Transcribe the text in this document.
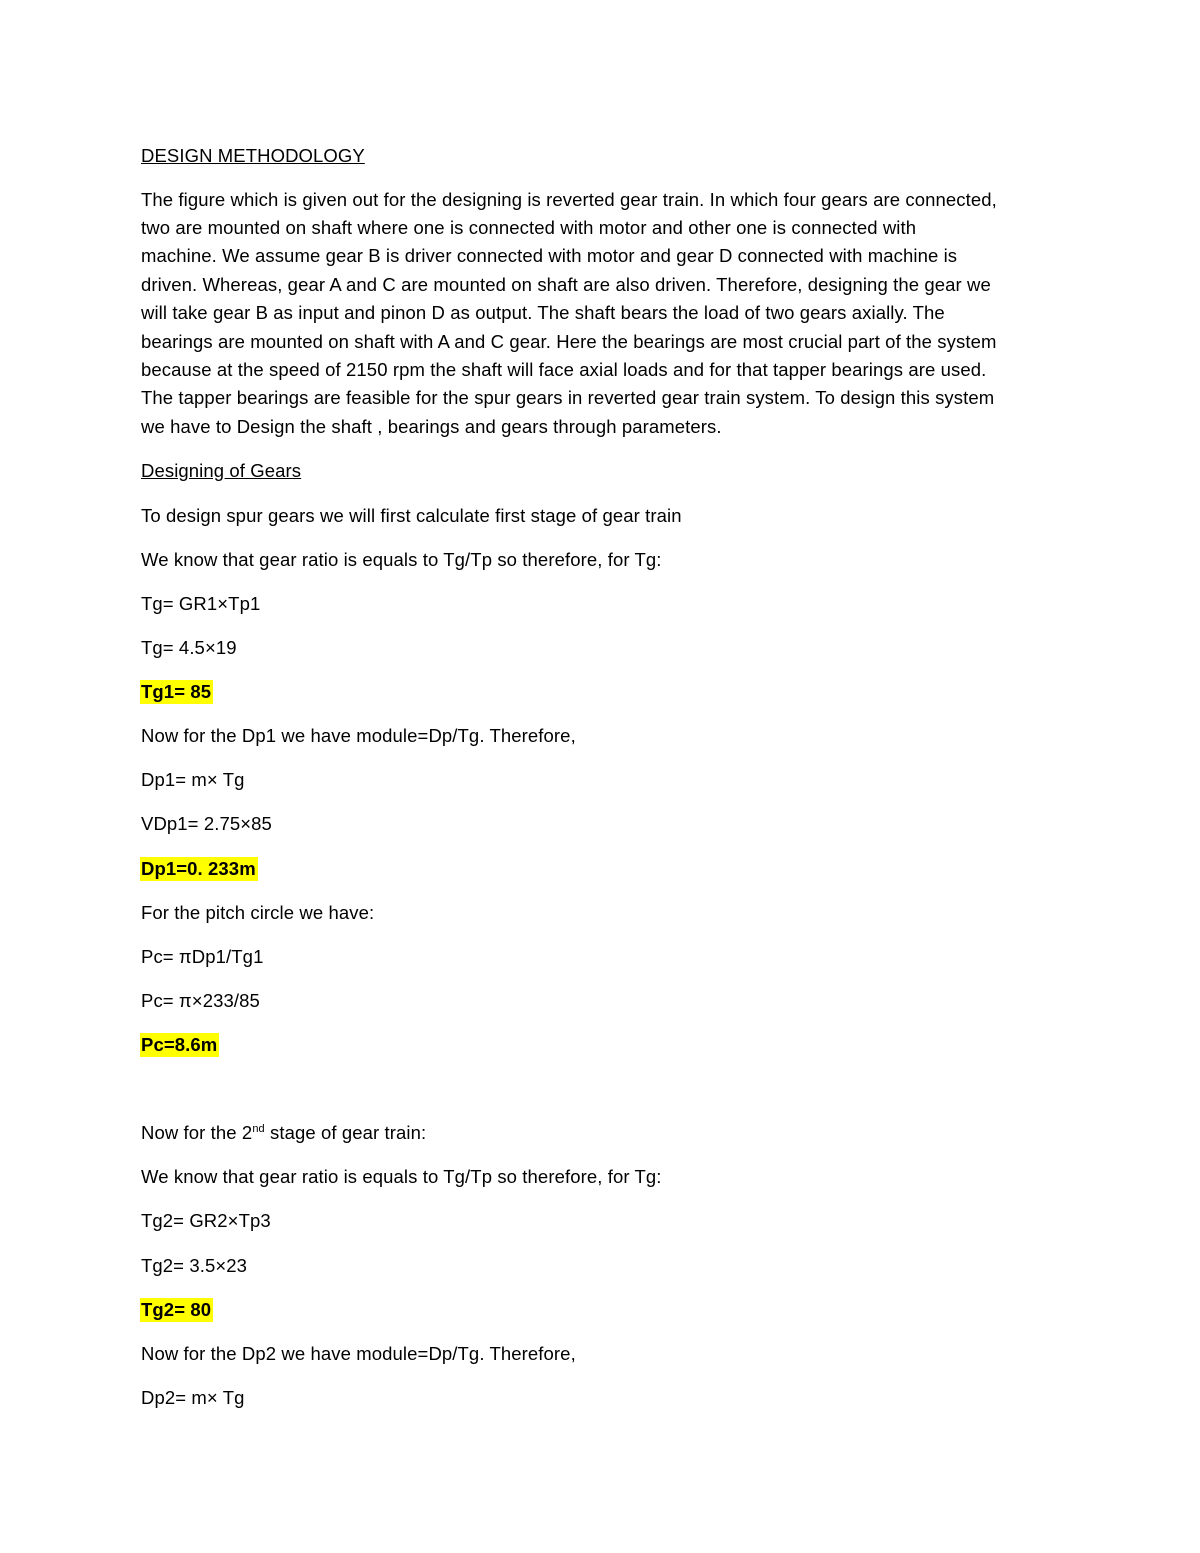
DESIGN METHODOLOGY
The figure which is given out for the designing is reverted gear train. In which four gears are connected,
two are mounted on shaft where one is connected with motor and other one is connected with
machine. We assume gear B is driver connected with motor and gear D connected with machine is
driven. Whereas, gear A and C are mounted on shaft are also driven. Therefore, designing the gear we
will take gear B as input and pinon D as output. The shaft bears the load of two gears axially. The
bearings are mounted on shaft with A and C gear. Here the bearings are most crucial part of the system
because at the speed of 2150 rpm the shaft will face axial loads and for that tapper bearings are used.
The tapper bearings are feasible for the spur gears in reverted gear train system. To design this system
we have to Design the shaft , bearings and gears through parameters.
Designing of Gears
To design spur gears we will first calculate first stage of gear train
We know that gear ratio is equals to Tg/Tp so therefore, for Tg:
Tg= GR1×Tp1
Tg= 4.5×19
Tg1= 85
Now for the Dp1 we have module=Dp/Tg. Therefore,
Dp1= m× Tg
VDp1= 2.75×85
Dp1=0. 233m
For the pitch circle we have:
Pc= πDp1/Tg1
Pc= π×233/85
Pc=8.6m
Now for the 2nd stage of gear train:
We know that gear ratio is equals to Tg/Tp so therefore, for Tg:
Tg2= GR2×Tp3
Tg2= 3.5×23
Tg2= 80
Now for the Dp2 we have module=Dp/Tg. Therefore,
Dp2= m× Tg
